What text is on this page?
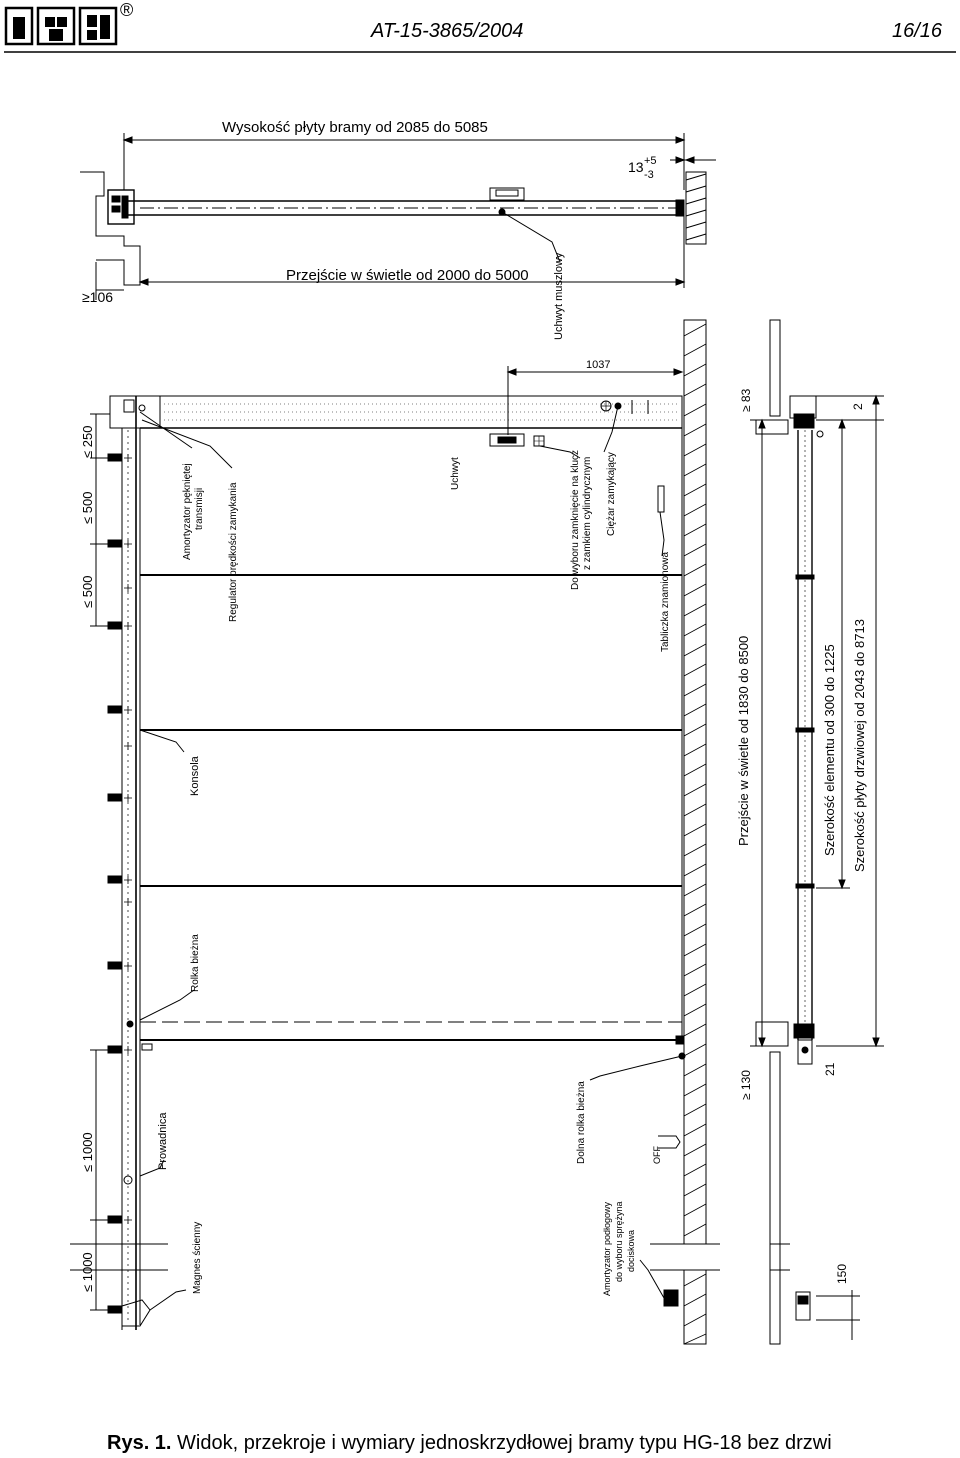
®
AT-15-3865/2004	16/16
Wysokość płyty bramy od 2085 do 5085
Przejście w świetle od 2000 do 5000
≥106
13 +5
-3
Uchwyt muszlowy
1037
Amortyzator pękniętej transmisji Regulator prędkości zamykania
Uchwyt	Do wyboru zamknięcie na klucz z zamkiem cylindrycznym Ciężar zamykający
Tabliczka znamionowa
Konsola
Rolka bieżna
Prowadnica
Magnes ścienny
Dolna rolka bieżna	OFF
Amortyzator podłogowy do wyboru sprężyna dociskowa
≤ 250
≤ 500
≤ 500
≤ 1000
≤ 1000
Przejście w świetle od 1830 do 8500	Szerokość elementu od 300 do 1225 Szerokość płyty drzwiowej od 2043 do 8713
≥ 83	2
≥ 130
21
150
Rys. 1. Widok, przekroje i wymiary jednoskrzydłowej bramy typu HG-18 bez drzwi
